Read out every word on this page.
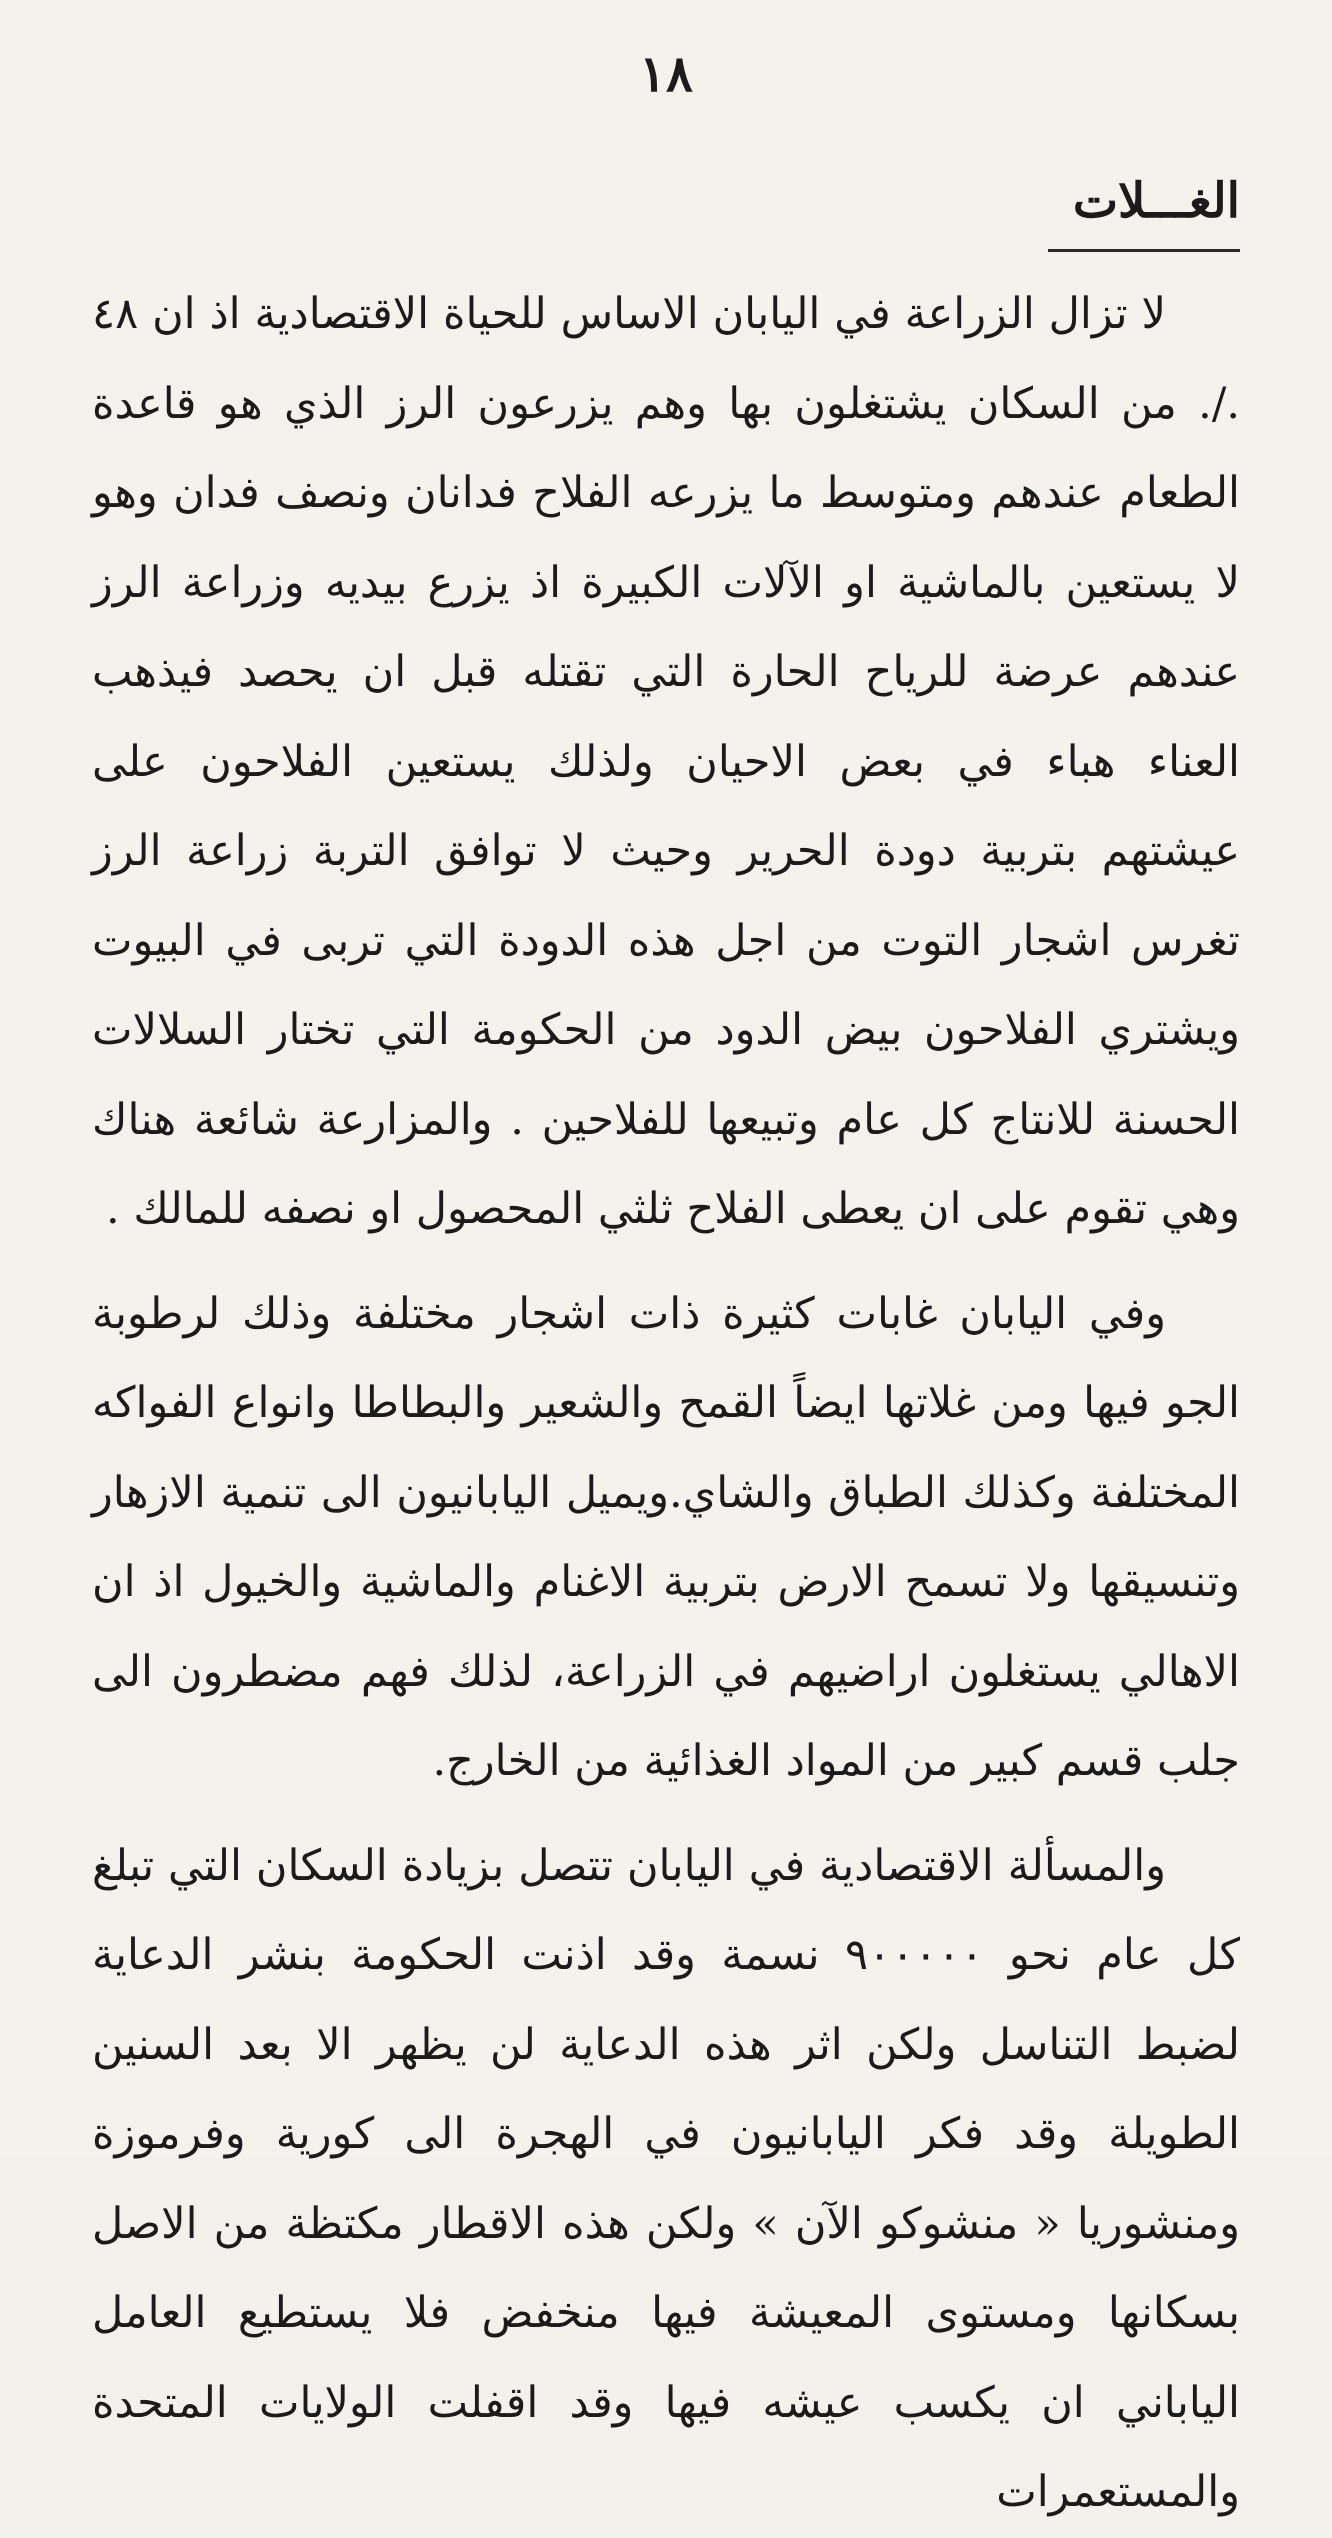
١٨
الغـــلات

لا تزال الزراعة في اليابان الاساس للحياة الاقتصادية اذ ان ٤٨ ./. من السكان يشتغلون بها وهم يزرعون الرز الذي هو قاعدة الطعام عندهم ومتوسط ما يزرعه الفلاح فدانان ونصف فدان وهو لا يستعين بالماشية او الآلات الكبيرة اذ يزرع بيديه وزراعة الرز عندهم عرضة للرياح الحارة التي تقتله قبل ان يحصد فيذهب العناء هباء في بعض الاحيان ولذلك يستعين الفلاحون على عيشتهم بتربية دودة الحرير وحيث لا توافق التربة زراعة الرز تغرس اشجار التوت من اجل هذه الدودة التي تربى في البيوت ويشتري الفلاحون بيض الدود من الحكومة التي تختار السلالات الحسنة للانتاج كل عام وتبيعها للفلاحين . والمزارعة شائعة هناك وهي تقوم على ان يعطى الفلاح ثلثي المحصول او نصفه للمالك .

وفي اليابان غابات كثيرة ذات اشجار مختلفة وذلك لرطوبة الجو فيها ومن غلاتها ايضاً القمح والشعير والبطاطا وانواع الفواكه المختلفة وكذلك الطباق والشاي.ويميل اليابانيون الى تنمية الازهار وتنسيقها ولا تسمح الارض بتربية الاغنام والماشية والخيول اذ ان الاهالي يستغلون اراضيهم في الزراعة، لذلك فهم مضطرون الى جلب قسم كبير من المواد الغذائية من الخارج.

والمسألة الاقتصادية في اليابان تتصل بزيادة السكان التي تبلغ كل عام نحو ٩٠٠٠٠٠ نسمة وقد اذنت الحكومة بنشر الدعاية لضبط التناسل ولكن اثر هذه الدعاية لن يظهر الا بعد السنين الطويلة وقد فكر اليابانيون في الهجرة الى كورية وفرموزة ومنشوريا « منشوكو الآن » ولكن هذه الاقطار مكتظة من الاصل بسكانها ومستوى المعيشة فيها منخفض فلا يستطيع العامل الياباني ان يكسب عيشه فيها وقد اقفلت الولايات المتحدة والمستعمرات
